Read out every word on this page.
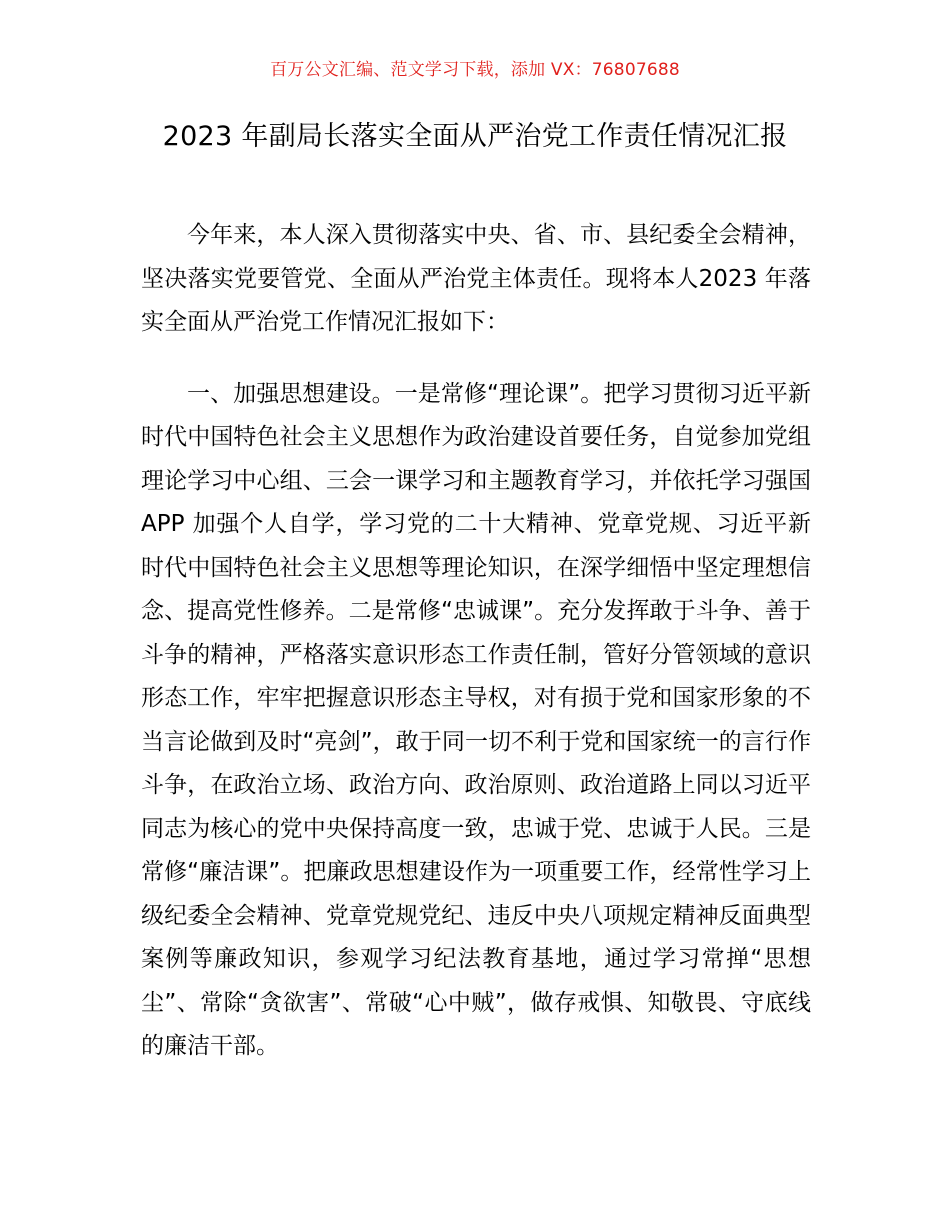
百万公文汇编、范文学习下载，添加 VX：76807688
2023 年副局长落实全面从严治党工作责任情况汇报

今年来，本人深入贯彻落实中央、省、市、县纪委全会精神，坚决落实党要管党、全面从严治党主体责任。现将本人2023 年落实全面从严治党工作情况汇报如下：

一、加强思想建设。一是常修“理论课”。把学习贯彻习近平新时代中国特色社会主义思想作为政治建设首要任务，自觉参加党组理论学习中心组、三会一课学习和主题教育学习，并依托学习强国 APP 加强个人自学，学习党的二十大精神、党章党规、习近平新时代中国特色社会主义思想等理论知识，在深学细悟中坚定理想信念、提高党性修养。二是常修“忠诚课”。充分发挥敢于斗争、善于斗争的精神，严格落实意识形态工作责任制，管好分管领域的意识形态工作，牢牢把握意识形态主导权，对有损于党和国家形象的不当言论做到及时“亮剑”，敢于同一切不利于党和国家统一的言行作斗争，在政治立场、政治方向、政治原则、政治道路上同以习近平同志为核心的党中央保持高度一致，忠诚于党、忠诚于人民。三是常修“廉洁课”。把廉政思想建设作为一项重要工作，经常性学习上级纪委全会精神、党章党规党纪、违反中央八项规定精神反面典型案例等廉政知识，参观学习纪法教育基地，通过学习常掸“思想尘”、常除“贪欲害”、常破“心中贼”，做存戒惧、知敬畏、守底线的廉洁干部。
